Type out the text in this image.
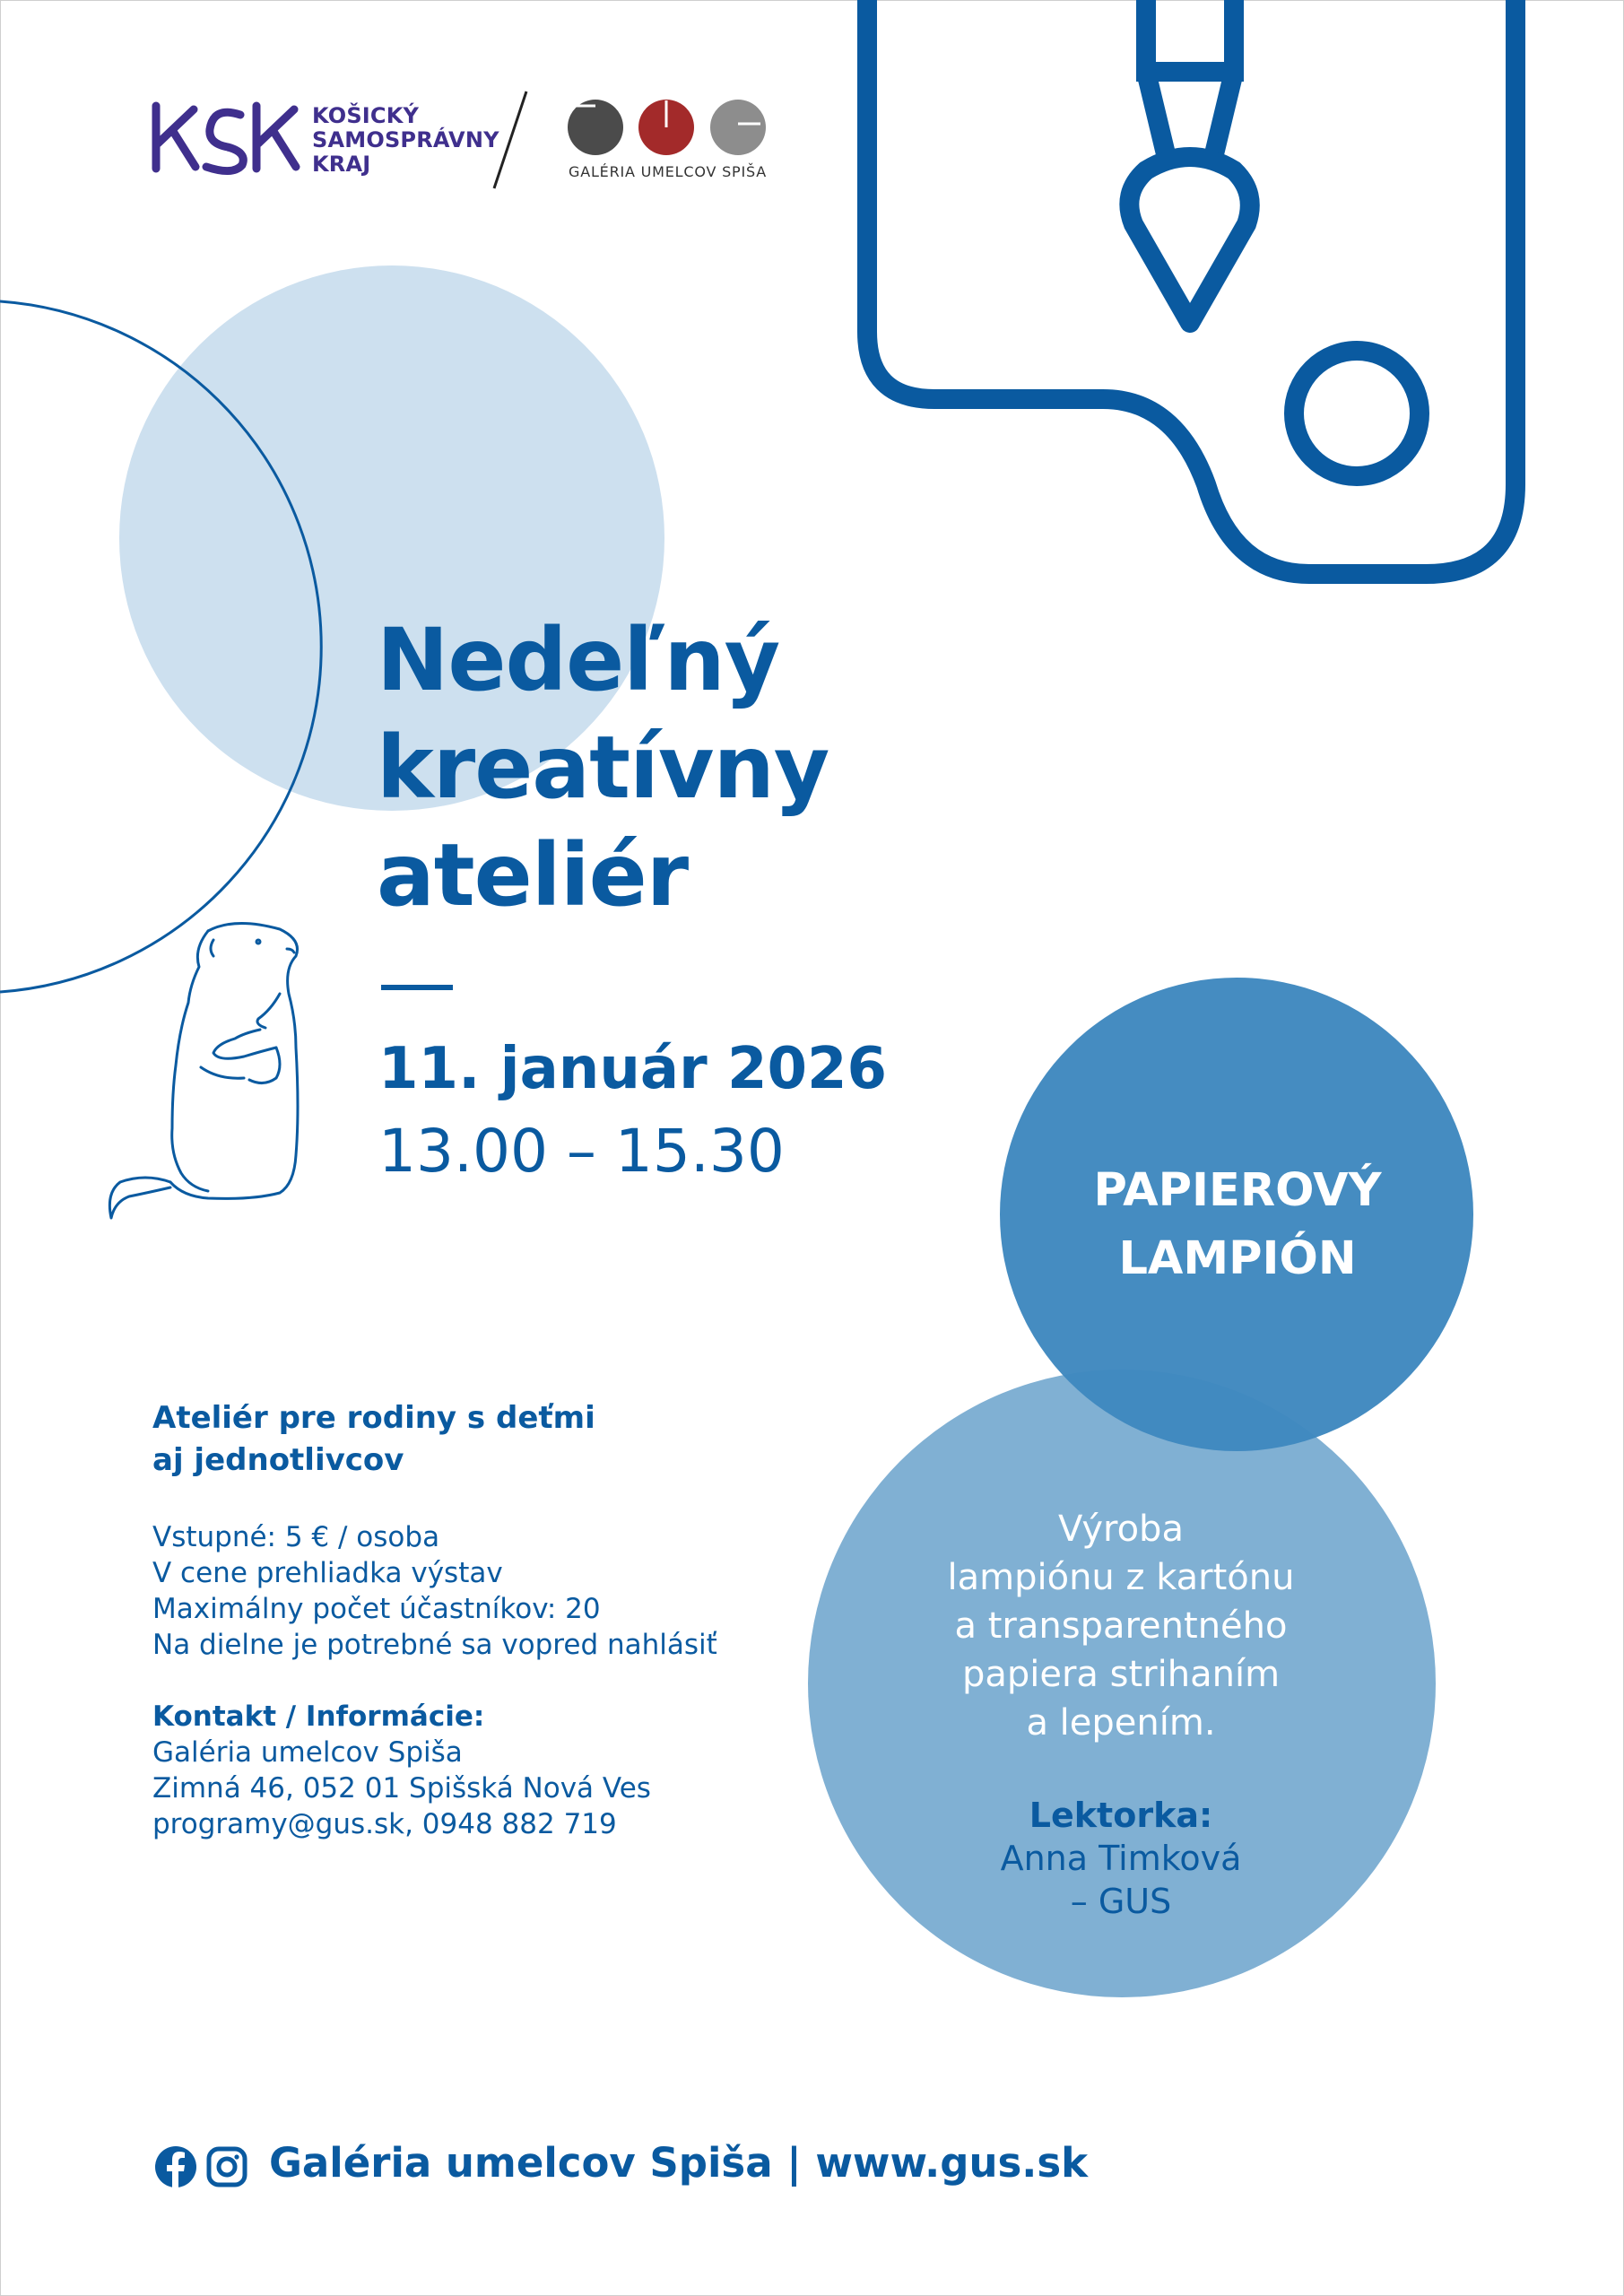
KOŠICKÝ
SAMOSPRÁVNY
KRAJ	GALÉRIA UMELCOV SPIŠA
Nedeľný
kreatívny
ateliér
11. január 2026
13.00 – 15.30
Ateliér pre rodiny s deťmi
aj jednotlivcov
Vstupné: 5 € / osoba
V cene prehliadka výstav
Maximálny počet účastníkov: 20
Na dielne je potrebné sa vopred nahlásiť
Kontakt / Informácie:
Galéria umelcov Spiša
Zimná 46, 052 01 Spišská Nová Ves
programy@gus.sk, 0948 882 719
PAPIEROVÝ
LAMPIÓN
Výroba
lampiónu z kartónu
a transparentného
papiera strihaním
a lepením.
Lektorka:
Anna Timková
– GUS
Galéria umelcov Spiša | www.gus.sk
